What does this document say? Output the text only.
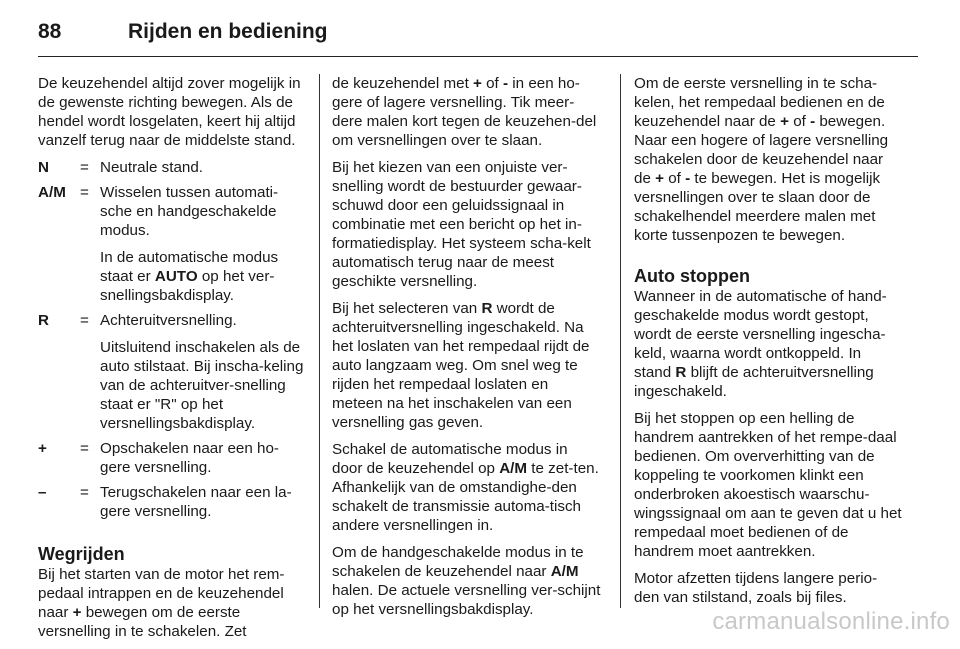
88	Rijden en bediening

De keuzehendel altijd zover mogelijk in de gewenste richting bewegen. Als de hendel wordt losgelaten, keert hij altijd vanzelf terug naar de middelste stand.

N	= Neutrale stand.
A/M = Wisselen tussen automati-sche en handgeschakelde modus.
In de automatische modus staat er AUTO op het ver-snellingsbakdisplay.
R	= Achteruitversnelling.
Uitsluitend inschakelen als de auto stilstaat. Bij inscha-keling van de achteruitver-snelling staat er "R" op het versnellingsbakdisplay.
+	= Opschakelen naar een ho-gere versnelling.
–	= Terugschakelen naar een la-gere versnelling.
Wegrijden

Bij het starten van de motor het rem-pedaal intrappen en de keuzehendel naar + bewegen om de eerste versnelling in te schakelen. Zet

de keuzehendel met + of - in een ho-gere of lagere versnelling. Tik meer-dere malen kort tegen de keuzehen-del om versnellingen over te slaan.

Bij het kiezen van een onjuiste ver-snelling wordt de bestuurder gewaar-schuwd door een geluidssignaal in combinatie met een bericht op het in-formatiedisplay. Het systeem scha-kelt automatisch terug naar de meest geschikte versnelling.

Bij het selecteren van R wordt de achteruitversnelling ingeschakeld. Na het loslaten van het rempedaal rijdt de auto langzaam weg. Om snel weg te rijden het rempedaal loslaten en meteen na het inschakelen van een versnelling gas geven.

Schakel de automatische modus in door de keuzehendel op A/M te zet-ten. Afhankelijk van de omstandighe-den schakelt de transmissie automa-tisch andere versnellingen in.

Om de handgeschakelde modus in te schakelen de keuzehendel naar A/M halen. De actuele versnelling ver-schijnt op het versnellingsbakdisplay.

Om de eerste versnelling in te scha-kelen, het rempedaal bedienen en de keuzehendel naar de + of - bewegen. Naar een hogere of lagere versnelling schakelen door de keuzehendel naar de + of - te bewegen. Het is mogelijk versnellingen over te slaan door de schakelhendel meerdere malen met korte tussenpozen te bewegen.

Auto stoppen

Wanneer in de automatische of hand-geschakelde modus wordt gestopt, wordt de eerste versnelling ingescha-keld, waarna wordt ontkoppeld. In stand R blijft de achteruitversnelling ingeschakeld.

Bij het stoppen op een helling de handrem aantrekken of het rempe-daal bedienen. Om oververhitting van de koppeling te voorkomen klinkt een onderbroken akoestisch waarschu-wingssignaal om aan te geven dat u het rempedaal moet bedienen of de handrem moet aantrekken.

Motor afzetten tijdens langere perio-den van stilstand, zoals bij files.

carmanualsonline.info
